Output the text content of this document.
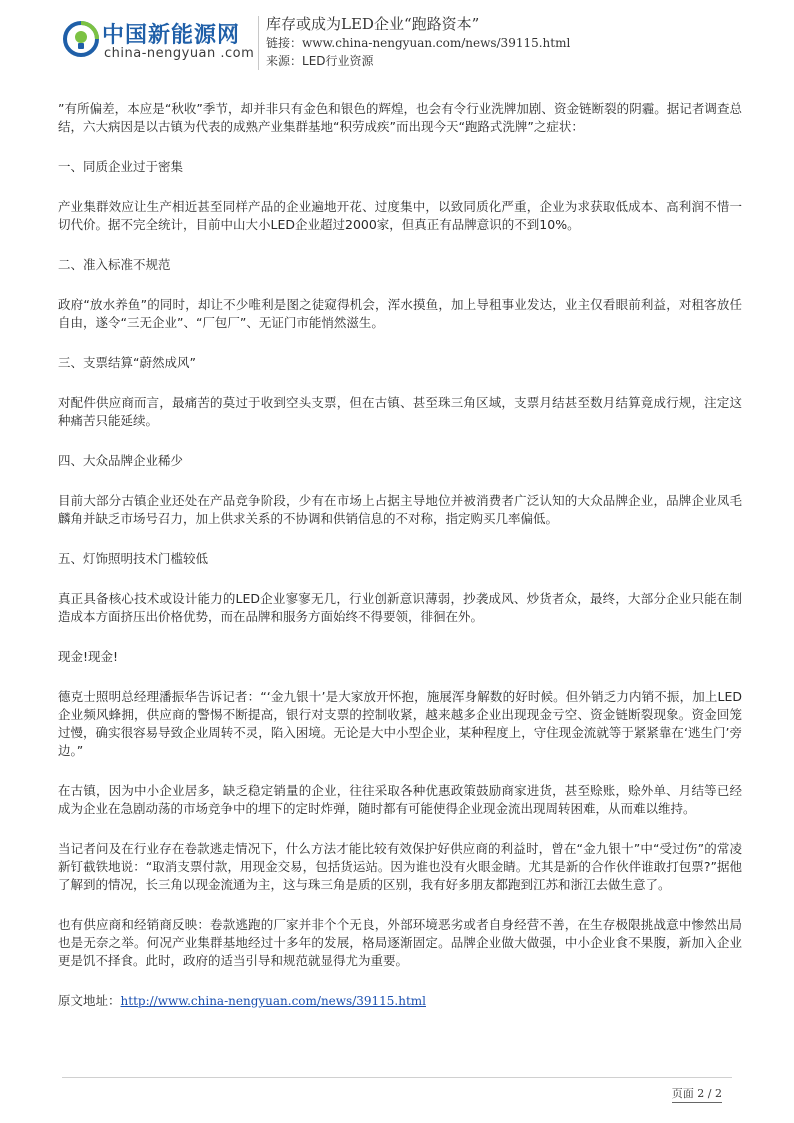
中国新能源网
china-nengyuan .com
库存或成为LED企业“跑路资本”
链接：www.china-nengyuan.com/news/39115.html
来源：LED行业资源

”有所偏差，本应是“秋收”季节，却并非只有金色和银色的辉煌，也会有令行业洗牌加剧、资金链断裂的阴霾。据记者调查总结，六大病因是以古镇为代表的成熟产业集群基地“积劳成疾”而出现今天“跑路式洗牌”之症状：

一、同质企业过于密集

产业集群效应让生产相近甚至同样产品的企业遍地开花、过度集中，以致同质化严重，企业为求获取低成本、高利润不惜一切代价。据不完全统计，目前中山大小LED企业超过2000家，但真正有品牌意识的不到10%。

二、准入标准不规范

政府“放水养鱼”的同时，却让不少唯利是图之徒窥得机会，浑水摸鱼，加上导租事业发达，业主仅看眼前利益，对租客放任自由，遂令“三无企业”、“厂包厂”、无证门市能悄然滋生。

三、支票结算“蔚然成风”

对配件供应商而言，最痛苦的莫过于收到空头支票，但在古镇、甚至珠三角区域，支票月结甚至数月结算竟成行规，注定这种痛苦只能延续。

四、大众品牌企业稀少

目前大部分古镇企业还处在产品竞争阶段，少有在市场上占据主导地位并被消费者广泛认知的大众品牌企业，品牌企业凤毛麟角并缺乏市场号召力，加上供求关系的不协调和供销信息的不对称，指定购买几率偏低。

五、灯饰照明技术门槛较低

真正具备核心技术或设计能力的LED企业寥寥无几，行业创新意识薄弱，抄袭成风、炒货者众，最终，大部分企业只能在制造成本方面挤压出价格优势，而在品牌和服务方面始终不得要领，徘徊在外。

现金!现金!

德克士照明总经理潘振华告诉记者：“‘金九银十’是大家放开怀抱，施展浑身解数的好时候。但外销乏力内销不振，加上LED企业频风蜂拥，供应商的警惕不断提高，银行对支票的控制收紧，越来越多企业出现现金亏空、资金链断裂现象。资金回笼过慢，确实很容易导致企业周转不灵，陷入困境。无论是大中小型企业，某种程度上，守住现金流就等于紧紧靠在‘逃生门’旁边。”

在古镇，因为中小企业居多，缺乏稳定销量的企业，往往采取各种优惠政策鼓励商家进货，甚至赊账，赊外单、月结等已经成为企业在急剧动荡的市场竞争中的埋下的定时炸弹，随时都有可能使得企业现金流出现周转困难，从而难以维持。

当记者问及在行业存在卷款逃走情况下，什么方法才能比较有效保护好供应商的利益时，曾在“金九银十”中“受过伤”的常凌新钉截铁地说：“取消支票付款，用现金交易，包括货运站。因为谁也没有火眼金睛。尤其是新的合作伙伴谁敢打包票?”据他了解到的情况，长三角以现金流通为主，这与珠三角是质的区别，我有好多朋友都跑到江苏和浙江去做生意了。

也有供应商和经销商反映：卷款逃跑的厂家并非个个无良，外部环境恶劣或者自身经营不善，在生存极限挑战意中惨然出局也是无奈之举。何况产业集群基地经过十多年的发展，格局逐渐固定。品牌企业做大做强，中小企业食不果腹，新加入企业更是饥不择食。此时，政府的适当引导和规范就显得尤为重要。

原文地址：http://www.china-nengyuan.com/news/39115.html

页面 2 / 2
